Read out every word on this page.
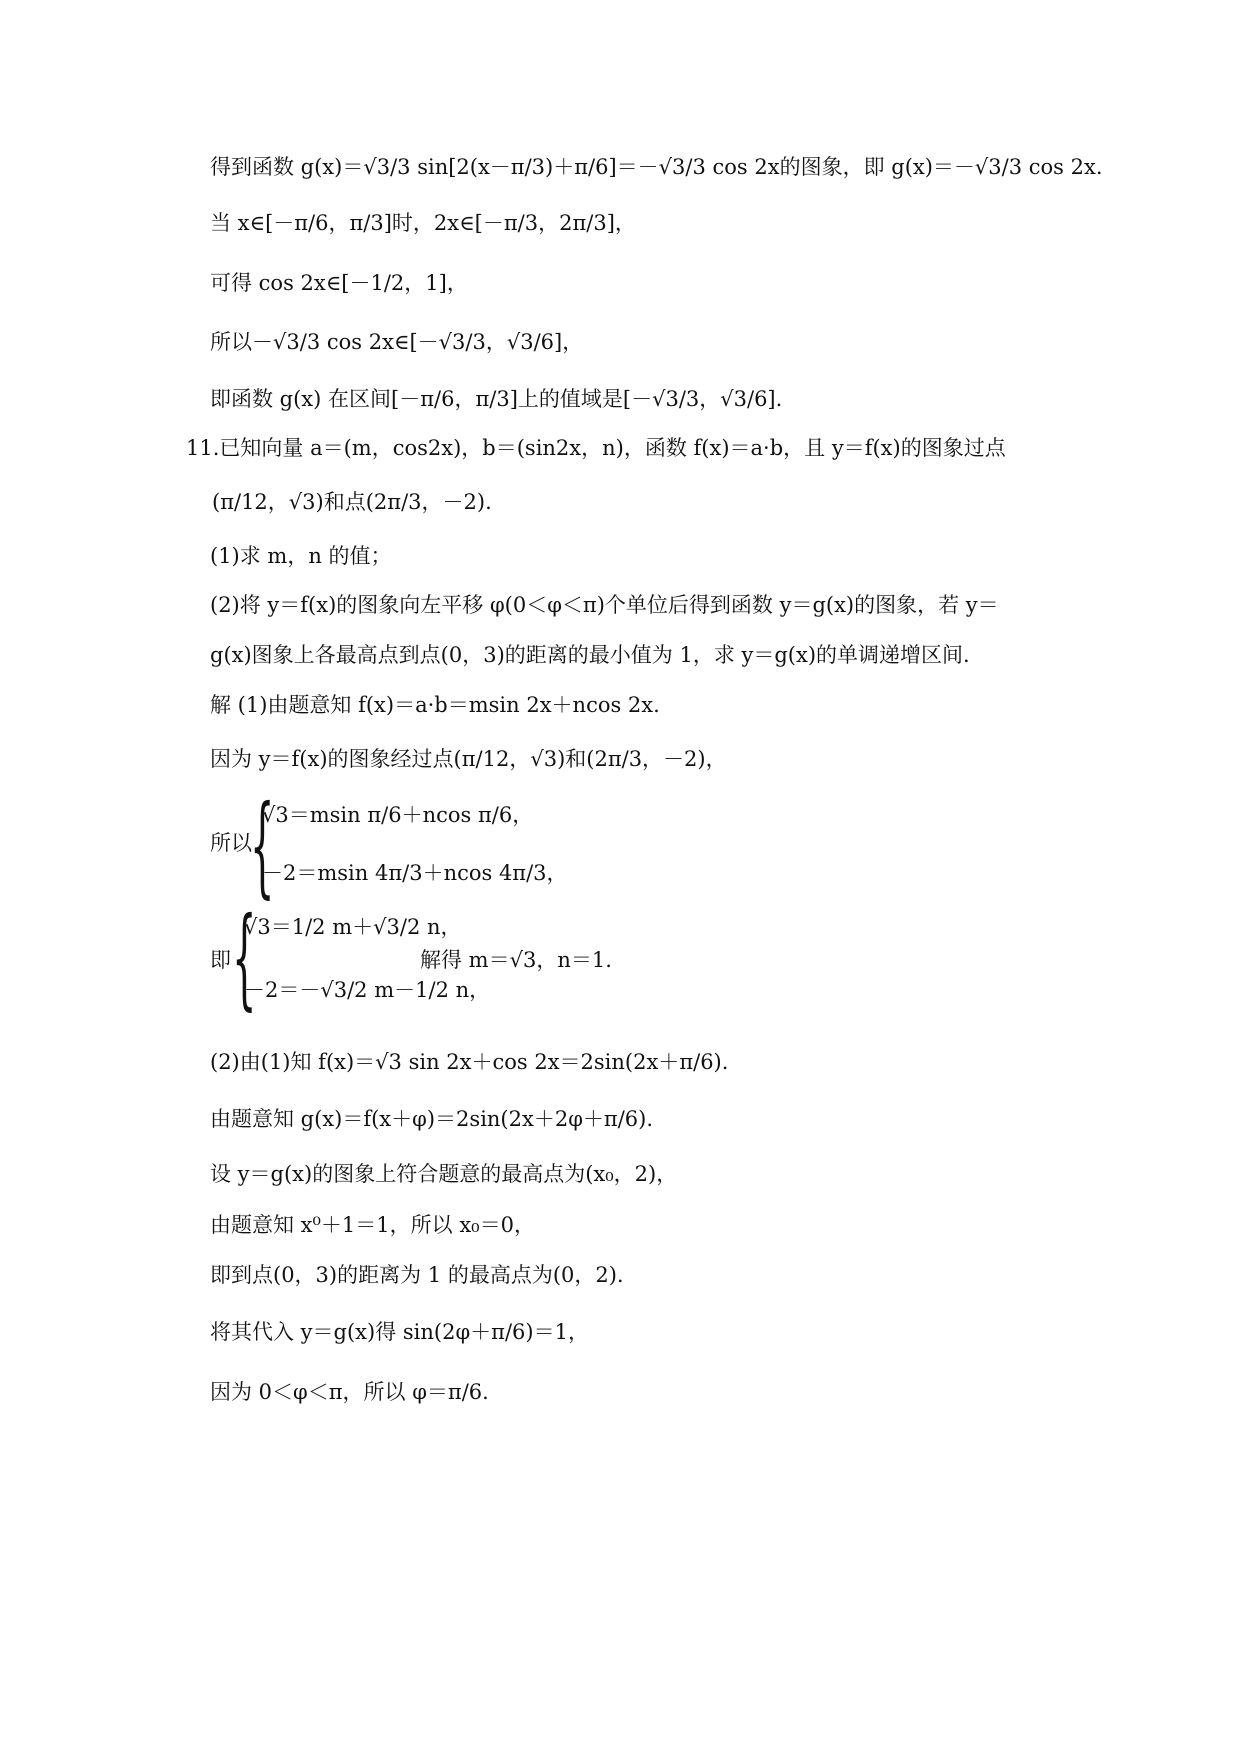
得到函数 g(x)＝√3/3 sin[2(x－π/3)＋π/6]＝－√3/3 cos 2x的图象，即 g(x)＝－√3/3 cos 2x.
当 x∈[－π/6，π/3]时，2x∈[－π/3，2π/3]，
可得 cos 2x∈[－1/2，1]，
所以－√3/3 cos 2x∈[－√3/3，√3/6]，
即函数 g(x) 在区间[－π/6，π/3]上的值域是[－√3/3，√3/6].
11.已知向量 a＝(m，cos2x)，b＝(sin2x，n)，函数 f(x)＝a·b，且 y＝f(x)的图象过点
(π/12，√3)和点(2π/3，－2).
(1)求 m，n 的值；
(2)将 y＝f(x)的图象向左平移 φ(0＜φ＜π)个单位后得到函数 y＝g(x)的图象，若 y＝
g(x)图象上各最高点到点(0，3)的距离的最小值为 1，求 y＝g(x)的单调递增区间.
解 (1)由题意知 f(x)＝a·b＝msin 2x＋ncos 2x.
因为 y＝f(x)的图象经过点(π/12，√3)和(2π/3，－2)，
所以
{
√3＝msin π/6＋ncos π/6，
－2＝msin 4π/3＋ncos 4π/3，
即 {
√3＝1/2 m＋√3/2 n，
－2＝－√3/2 m－1/2 n，
解得 m＝√3，n＝1.
(2)由(1)知 f(x)＝√3 sin 2x＋cos 2x＝2sin(2x＋π/6).
由题意知 g(x)＝f(x＋φ)＝2sin(2x＋2φ＋π/6).
设 y＝g(x)的图象上符合题意的最高点为(x₀，2)，
由题意知 x⁰＋1＝1，所以 x₀＝0，
即到点(0，3)的距离为 1 的最高点为(0，2).
将其代入 y＝g(x)得 sin(2φ＋π/6)＝1，
因为 0＜φ＜π，所以 φ＝π/6.
